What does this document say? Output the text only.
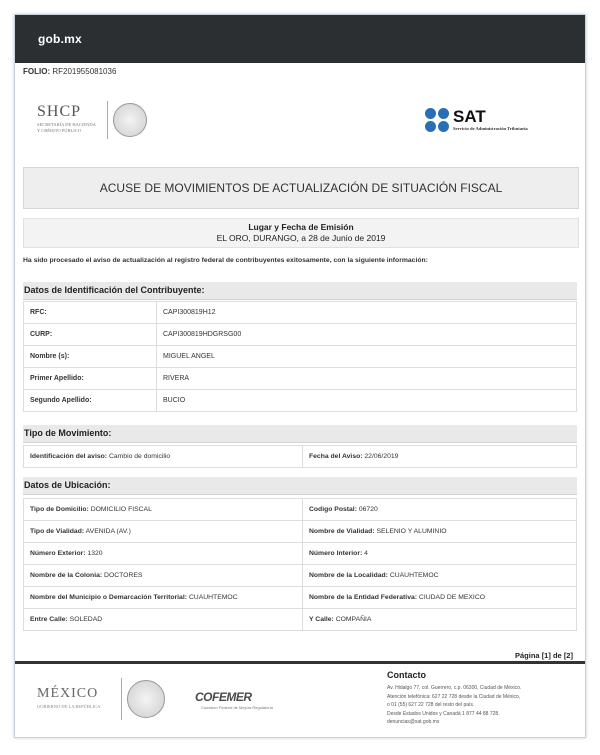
gob.mx
FOLIO: RF201955081036
SHCP
SECRETARÍA DE HACIENDA
Y CRÉDITO PÚBLICO
SAT
Servicio de Administración Tributaria
ACUSE DE MOVIMIENTOS DE ACTUALIZACIÓN DE SITUACIÓN FISCAL
Lugar y Fecha de Emisión
EL ORO, DURANGO, a 28 de Junio de 2019
Ha sido procesado el aviso de actualización al registro federal de contribuyentes exitosamente, con la siguiente información:
Datos de Identificación del Contribuyente:
RFC:	CAPI300819H12
CURP:	CAPI300819HDGRSG00
Nombre (s):	MIGUEL ANGEL
Primer Apellido:	RIVERA
Segundo Apellido:	BUCIO
Tipo de Movimiento:
Identificación del aviso: Cambio de domicilio	Fecha del Aviso: 22/06/2019
Datos de Ubicación:
Tipo de Domicilio: DOMICILIO FISCAL	Codigo Postal: 06720
Tipo de Vialidad: AVENIDA (AV.)	Nombre de Vialidad: SELENIO Y ALUMINIO
Número Exterior: 1320	Número Interior: 4
Nombre de la Colonia: DOCTORES	Nombre de la Localidad: CUAUHTEMOC
Nombre del Municipio o Demarcación Territorial: CUAUHTEMOC	Nombre de la Entidad Federativa: CIUDAD DE MEXICO
Entre Calle: SOLEDAD	Y Calle: COMPAÑIA
Página [1] de [2]
MÉXICO
GOBIERNO DE LA REPÚBLICA
COFEMER
Comisión Federal de Mejora Regulatoria
Contacto
Av. Hidalgo 77, col. Guerrero, c.p. 06300, Ciudad de México.
Atención telefónica: 627 22 728 desde la Ciudad de México,
o 01 (55) 627 22 728 del resto del país.
Desde Estados Unidos y Canadá 1 877 44 88 728.
denuncias@sat.gob.mx
